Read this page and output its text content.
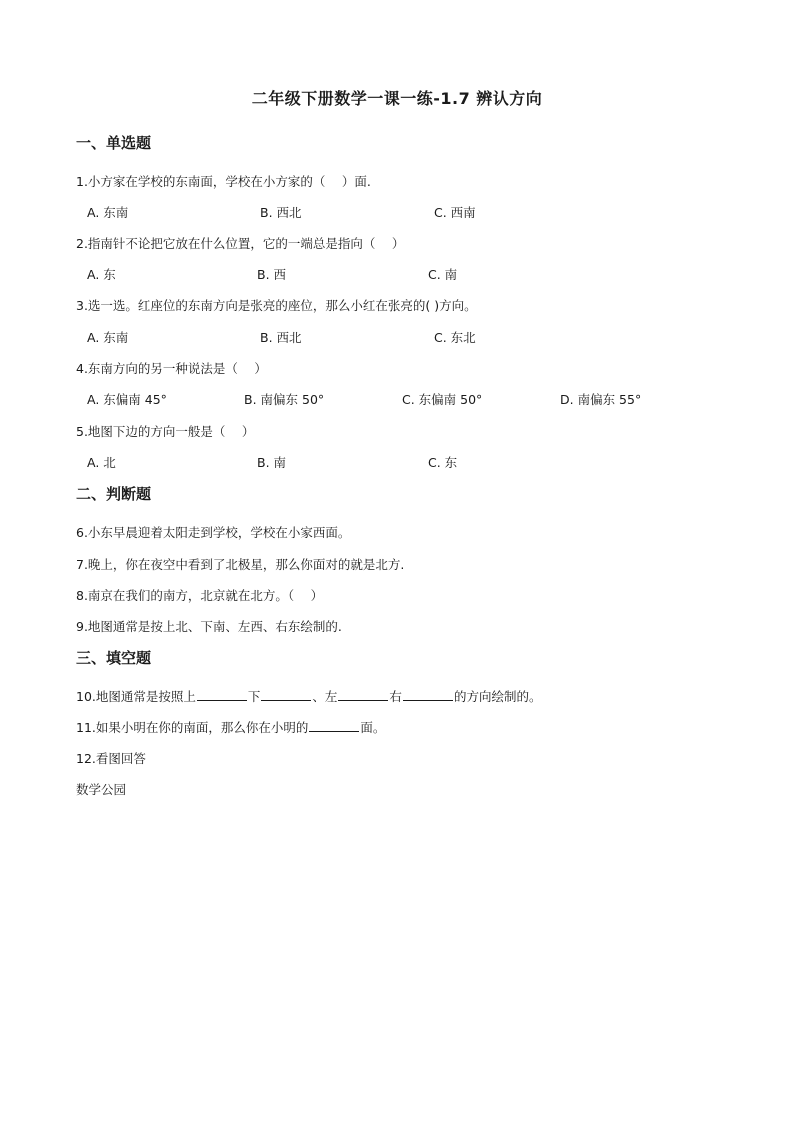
二年级下册数学一课一练-1.7 辨认方向
一、单选题
1.小方家在学校的东南面，学校在小方家的（　 ）面.
A. 东南	B. 西北	C. 西南
2.指南针不论把它放在什么位置，它的一端总是指向（　 ）
A. 东	B. 西	C. 南
3.选一选。红座位的东南方向是张亮的座位，那么小红在张亮的( )方向。
A. 东南	B. 西北	C. 东北
4.东南方向的另一种说法是（　 ）
A. 东偏南 45°	B. 南偏东 50°	C. 东偏南 50°	D. 南偏东 55°
5.地图下边的方向一般是（　 ）
A. 北	B. 南	C. 东
二、判断题
6.小东早晨迎着太阳走到学校，学校在小家西面。
7.晚上，你在夜空中看到了北极星，那么你面对的就是北方.
8.南京在我们的南方，北京就在北方。（　 ）
9.地图通常是按上北、下南、左西、右东绘制的.
三、填空题
10.地图通常是按照上	下	、左	右	的方向绘制的。
11.如果小明在你的南面，那么你在小明的	面。
12.看图回答
数学公园
